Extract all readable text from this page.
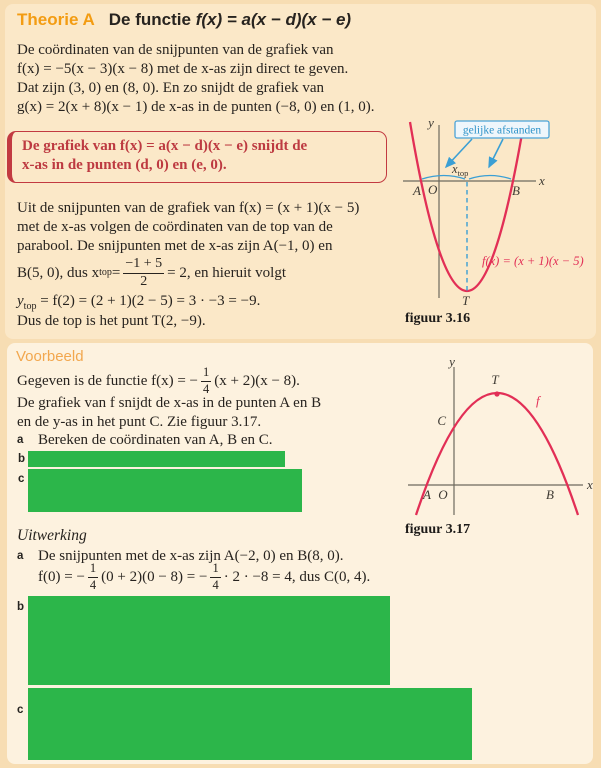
Theorie A De functie f(x) = a(x − d)(x − e)
De coördinaten van de snijpunten van de grafiek van
f(x) = −5(x − 3)(x − 8) met de x-as zijn direct te geven.
Dat zijn (3, 0) en (8, 0). En zo snijdt de grafiek van
g(x) = 2(x + 8)(x − 1) de x-as in de punten (−8, 0) en (1, 0).
De grafiek van f(x) = a(x − d)(x − e) snijdt de
x-as in de punten (d, 0) en (e, 0).
Uit de snijpunten van de grafiek van f(x) = (x + 1)(x − 5)
met de x-as volgen de coördinaten van de top van de
parabool. De snijpunten met de x-as zijn A(−1, 0) en
B(5, 0), dus x top = $\frac{-1 + 5}{2} = 2$, en hieruit volgt
$y_{top} = f(2) = (2 + 1)(2 - 5) = 3 \cdot -3 = -9$.
Dus de top is het punt T(2, −9).
gelijke afstanden
$x_{top}$
y
x
A O	B
T
f(x) = (x + 1)(x − 5)
figuur 3.16
Voorbeeld
Gegeven is de functie f(x) = − $\frac{1}{4} (x + 2)(x - 8)$.
De grafiek van f snijdt de x-as in de punten A en B
en de y-as in het punt C. Zie figuur 3.17.
a Bereken de coördinaten van A, B en C.
b
c
y
x
T
f
C
A O	B
figuur 3.17
Uitwerking
a De snijpunten met de x-as zijn A(−2, 0) en B(8, 0).
f(0) = − $\frac{1}{4} (0 + 2)(0 - 8)$ = − $\frac{1}{4} \cdot 2 \cdot -8 = 4$, dus C(0, 4).
b
c
